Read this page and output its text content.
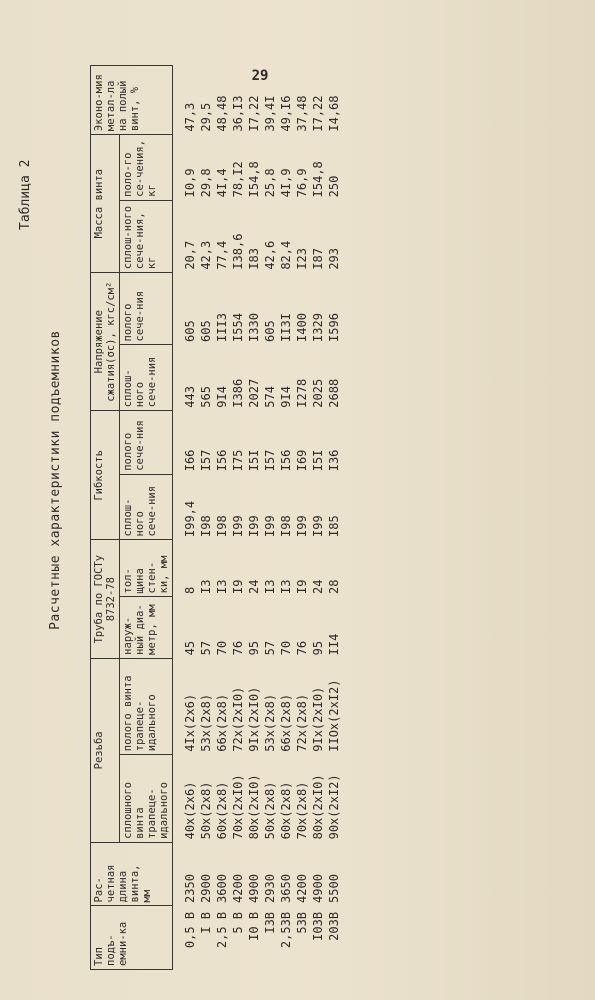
29
Таблица 2
Расчетные характеристики подъемников
Тип подъ-емни-ка	Рас-четная длина винта, мм	Резьба		Труба по ГОСТу 8732-78		Гибкость		Напряжение сжатия(σc), кгс/см²		Масса винта		Эконо-мия метал-ла на полый винт, %
		сплошного винта трапеце-идального	полого винта трапеце-идального	наруж-ный диа-метр, мм	тол-щина стен-ки, мм	сплош-ного сече-ния	полого сече-ния	сплош-ного сече-ния	полого сече-ния	сплош-ного сече-ния, кг	поло-го се-чения, кг	
0,5 В	2350	40х(2х6)	4Iх(2х6)	45	8	I99,4	I66	443	605	20,7	I0,9	47,3
I В	2900	50х(2х8)	53х(2х8)	57	I3	I98	I57	565	605	42,3	29,8	29,5
2,5 В	3600	60х(2х8)	66х(2х8)	70	I3	I98	I56	9I4	III3	77,4	4I,4	48,48
5 В	4200	70х(2хI0)	72х(2хI0)	76	I9	I99	I75	I386	I554	I38,6	78,I2	36,I3
I0 В	4900	80х(2хI0)	9Iх(2хI0)	95	24	I99	I5I	2027	I330	I83	I54,8	I7,22
I3В	2930	50х(2х8)	53х(2х8)	57	I3	I99	I57	574	605	42,6	25,8	39,4I
2,53В	3650	60х(2х8)	66х(2х8)	70	I3	I98	I56	9I4	II3I	82,4	4I,9	49,I6
53В	4200	70х(2х8)	72х(2х8)	76	I9	I99	I69	I278	I400	I23	76,9	37,48
I03В	4900	80х(2хI0)	9Iх(2хI0)	95	24	I99	I5I	2025	I329	I87	I54,8	I7,22
203В	5500	90х(2хI2)	IIOх(2хI2)	II4	28	I85	I36	2688	I596	293	250	I4,68
